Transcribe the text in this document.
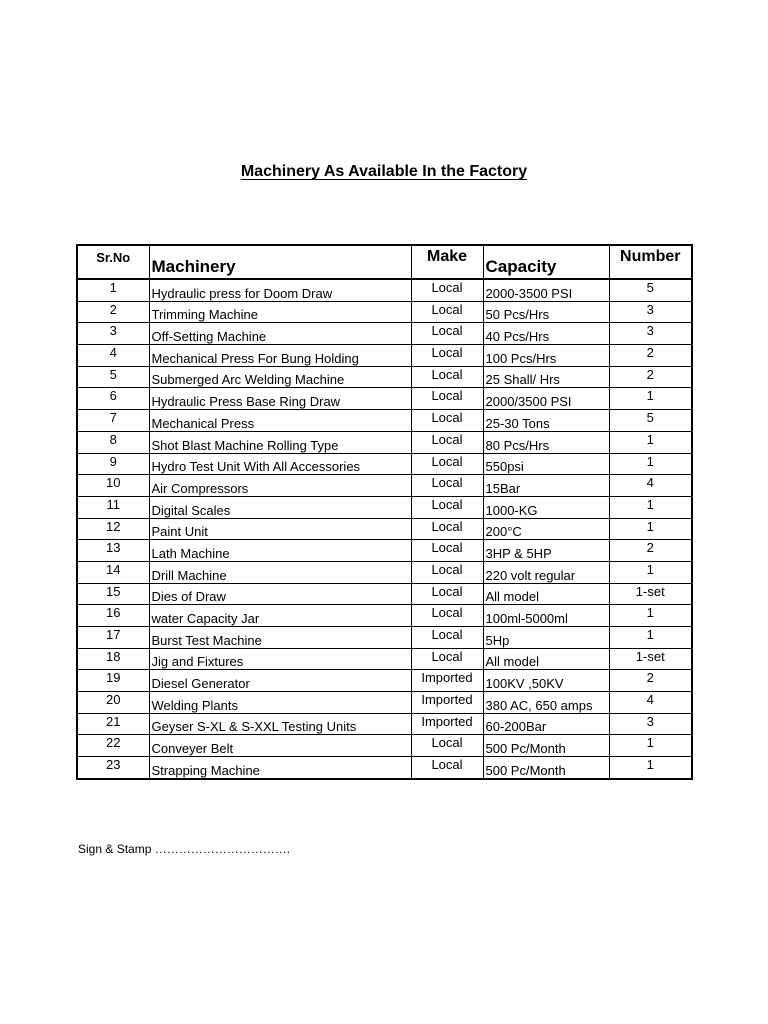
Machinery As Available In the Factory
Sr.No	Machinery	Make	Capacity	Number
1	Hydraulic press for Doom Draw	Local	2000-3500 PSI	5
2	Trimming Machine	Local	50 Pcs/Hrs	3
3	Off-Setting Machine	Local	40 Pcs/Hrs	3
4	Mechanical Press For Bung Holding	Local	100 Pcs/Hrs	2
5	Submerged Arc Welding Machine	Local	25 Shall/ Hrs	2
6	Hydraulic Press Base Ring Draw	Local	2000/3500 PSI	1
7	Mechanical Press	Local	25-30 Tons	5
8	Shot Blast Machine Rolling Type	Local	80 Pcs/Hrs	1
9	Hydro Test Unit With All Accessories	Local	550psi	1
10	Air Compressors	Local	15Bar	4
11	Digital Scales	Local	1000-KG	1
12	Paint Unit	Local	200°C	1
13	Lath Machine	Local	3HP & 5HP	2
14	Drill Machine	Local	220 volt regular	1
15	Dies of Draw	Local	All model	1-set
16	water Capacity Jar	Local	100ml-5000ml	1
17	Burst Test Machine	Local	5Hp	1
18	Jig and Fixtures	Local	All model	1-set
19	Diesel Generator	Imported	100KV ,50KV	2
20	Welding Plants	Imported	380 AC, 650 amps	4
21	Geyser S-XL & S-XXL Testing Units	Imported	60-200Bar	3
22	Conveyer Belt	Local	500 Pc/Month	1
23	Strapping Machine	Local	500 Pc/Month	1
Sign & Stamp …………………………….
